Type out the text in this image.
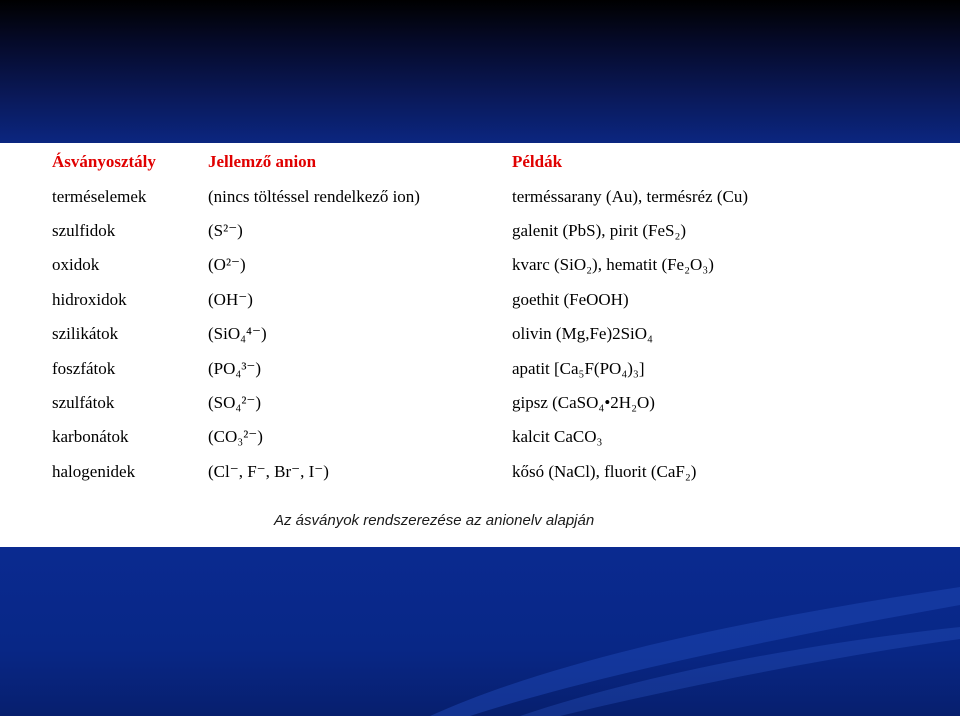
Ásványosztály	Jellemző anion	Példák
terméselemek	(nincs töltéssel rendelkező ion)	terméssarany (Au), termésréz (Cu)
szulfidok	(S²⁻)	galenit (PbS), pirit (FeS₂)
oxidok	(O²⁻)	kvarc (SiO₂), hematit (Fe₂O₃)
hidroxidok	(OH⁻)	goethit (FeOOH)
szilikátok	(SiO₄⁴⁻)	olivin (Mg,Fe)2SiO₄
foszfátok	(PO₄³⁻)	apatit [Ca₅F(PO₄)₃]
szulfátok	(SO₄²⁻)	gipsz (CaSO₄•2H₂O)
karbonátok	(CO₃²⁻)	kalcit CaCO₃
halogenidek	(Cl⁻, F⁻, Br⁻, I⁻)	kősó (NaCl), fluorit (CaF₂)
Az ásványok rendszerezése az anionelv alapján
